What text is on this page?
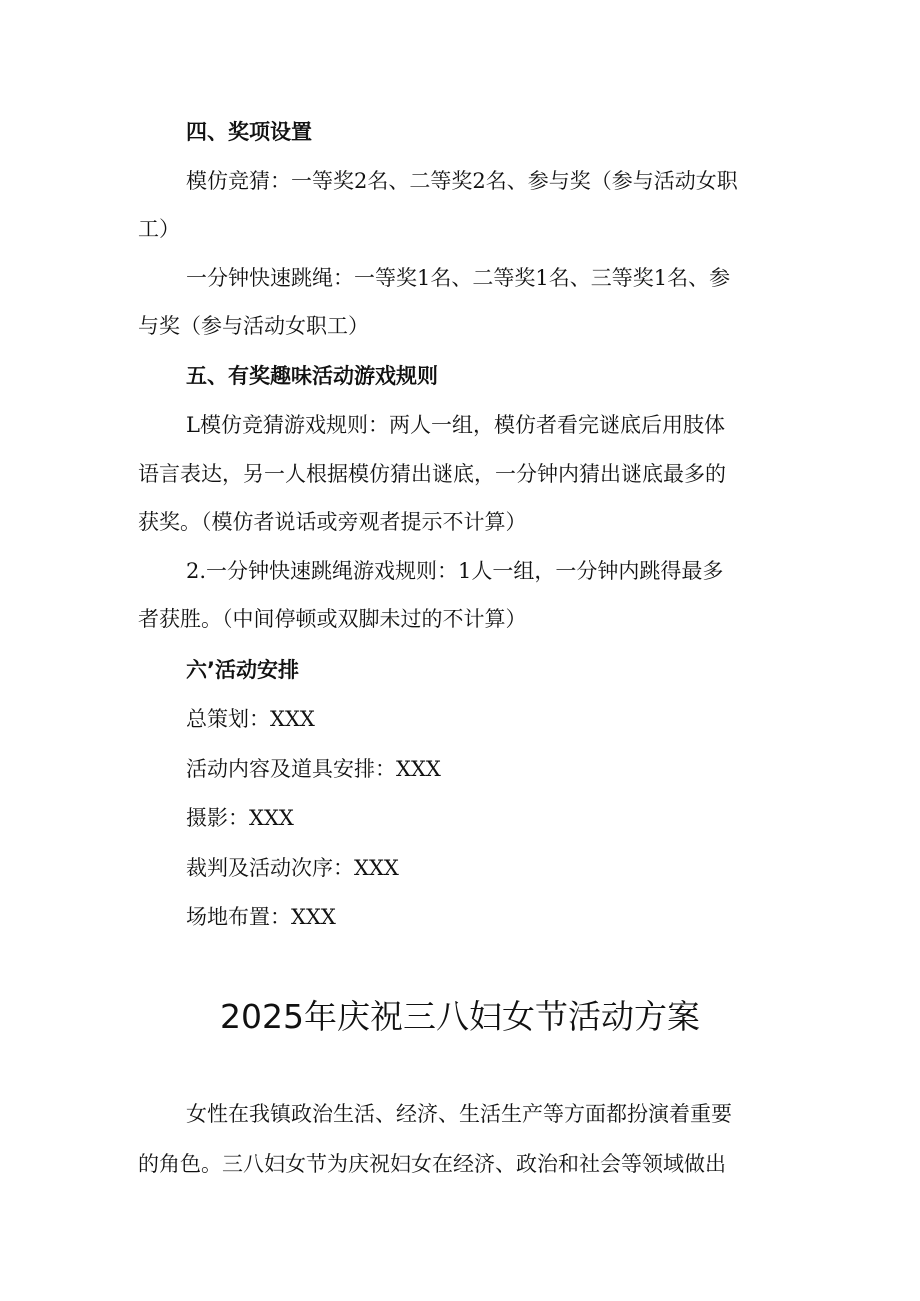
四、奖项设置
模仿竞猜：一等奖2名、二等奖2名、参与奖（参与活动女职
工）
一分钟快速跳绳：一等奖1名、二等奖1名、三等奖1名、参
与奖（参与活动女职工）
五、有奖趣味活动游戏规则
L模仿竞猜游戏规则：两人一组，模仿者看完谜底后用肢体
语言表达，另一人根据模仿猜出谜底，一分钟内猜出谜底最多的
获奖。（模仿者说话或旁观者提示不计算）
2.一分钟快速跳绳游戏规则：1人一组，一分钟内跳得最多
者获胜。（中间停顿或双脚未过的不计算）
六’活动安排
总策划：XXX
活动内容及道具安排：XXX
摄影：XXX
裁判及活动次序：XXX
场地布置：XXX
2025年庆祝三八妇女节活动方案
女性在我镇政治生活、经济、生活生产等方面都扮演着重要
的角色。三八妇女节为庆祝妇女在经济、政治和社会等领域做出
